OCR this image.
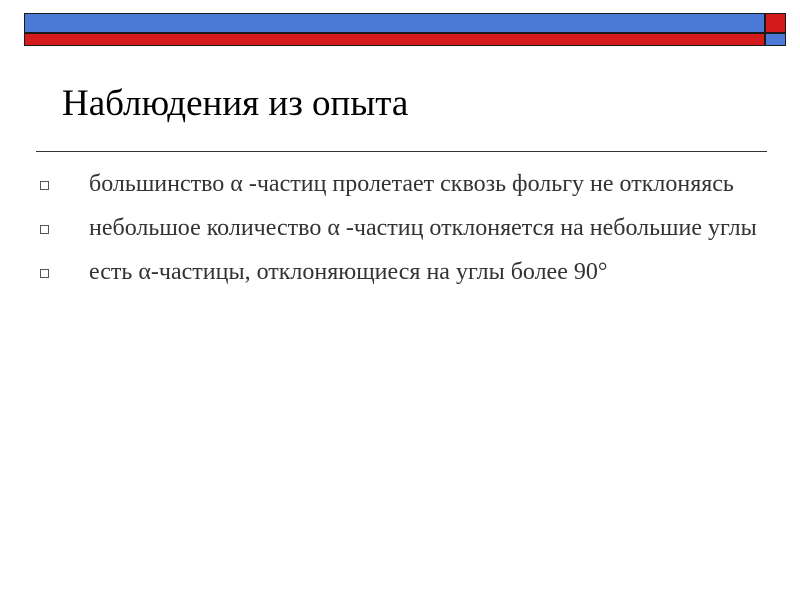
Наблюдения из опыта
большинство α -частиц пролетает сквозь фольгу не отклоняясь
небольшое количество α -частиц отклоняется на небольшие углы
есть α-частицы, отклоняющиеся на углы более 90°
